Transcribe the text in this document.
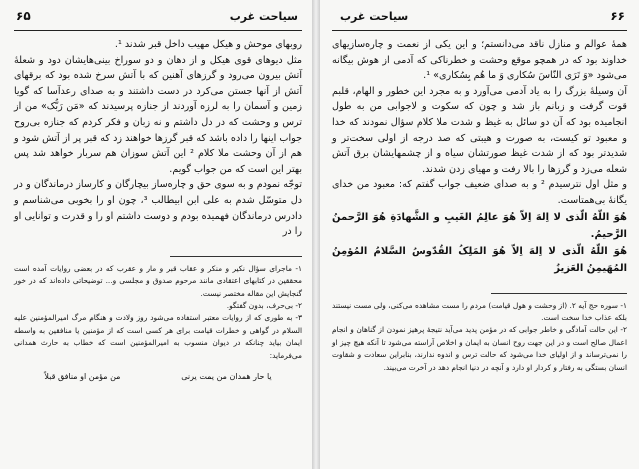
۶۵	سیاحت غرب

روبهای موحش و هیکل مهیب داخل قبر شدند ¹.

مثل دیوهای قوی هیکل و از دهان و دو سوراخ بینی‌هایشان دود و شعلهٔ آتش بیرون می‌رود و گرزهای آهنین که با آتش سرخ شده بود که برقهای آتش از آنها جستن می‌کرد در دست داشتند و به صدای رعدآسا که گویا زمین و آسمان را به لرزه آوردند از جنازه پرسیدند که «مَن رَبُّک» من از ترس و وحشت که در دل داشتم و نه زبان و فکر کردم که جنازه بی‌روح جواب اینها را داده باشد که قبر گرزها خواهند زد که قبر پر از آتش شود و هم از آن وحشت ملا کلام ² این آتش سوزان هم سربار خواهد شد پس بهتر این است که من جواب گویم.

توجّه نمودم و به سوی حق و چاره‌ساز بیچارگان و کارساز درماندگان و در دل متوسّل شدم به علی ابن ابیطالب ³، چون او را بخوبی می‌شناسم و دادرس درماندگان فهمیده بودم و دوست داشتم او را و قدرت و توانایی او را در

۱- ماجرای سؤال نکیر و منکر و عقاب قبر و مار و عقرب که در بعضی روایات آمده است محققین در کتابهای اعتقادی مانند مرحوم صدوق و مجلسی و... توضیحاتی داده‌اند که در خور گنجایش این مقاله مختصر نیست.

۲- بی‌حرف، بدون گفتگو.

۳- به طوری که از روایات معتبر استفاده می‌شود روز ولادت و هنگام مرگ امیرالمؤمنین علیه السلام در گواهی و خطرات قیامت برای هر کسی است که از مؤمنین یا منافقین به واسطه ایمان بیاید چنانکه در دیوان منسوب به امیرالمؤمنین است که خطاب به حارث همدانی می‌فرماید:

یا حار همدان من یمت یرنی
من مؤمن او منافق قبلاً
سیاحت غرب	۶۶

همهٔ عوالم و منازل ناقد می‌دانستم؛ و این یکی از نعمت و چاره‌سازیهای خداوند بود که در همچو موقع وحشت و خطرناکی که آدمی از هوش بیگانه می‌شود «وَ تَرَی النّاسَ سُکاری وَ ما هُم بِسُکاری» ¹.

آن وسیلهٔ بزرگ را به یاد آدمی می‌آورد و به مجرد این خطور و الهام، قلبم قوت گرفت و زبانم باز شد و چون که سکوت و لاجوابی من به طول انجامیده بود که آن دو سائل به غیظ و شدت ملا کلام سؤال نمودند که خدا و معبود تو کیست، به صورت و هیبتی که صد درجه از اولی سخت‌تر و شدیدتر بود که از شدت غیظ صورتشان سیاه و از چشمهایشان برق آتش شعله می‌زد و گرزها را بالا رفت و مهیای زدن شدند.

و مثل اول نترسیدم ² و به صدای ضعیف جواب گفتم که: معبود من خدای یگانهٔ بی‌همتاست.

هُوَ اللّهُ الّذی لا اِلهَ اِلاّ هُوَ عالِمُ الغَیبِ و الشَّهادَةِ هُوَ الرَّحمنُ الرَّحیمُ.

هُوَ اللّهُ الّذی لا اِلهَ اِلاّ هُوَ المَلِکُ القُدّوسُ السَّلامُ المُؤمِنُ المُهَیمِنُ العَزیزُ

۱- سوره حج آیه ۲. (از وحشت و هول قیامت) مردم را مست مشاهده می‌کنی، ولی مست نیستند بلکه عذاب خدا سخت است.

۲- این حالت آمادگی و خاطر جوابی که در مؤمن پدید می‌آید نتیجهٔ پرهیز نمودن از گناهان و انجام اعمال صالح است و در این جهت روح انسان به ایمان و اخلاص آراسته می‌شود تا آنکه هیچ چیز او را نمی‌ترساند و از اولیای خدا می‌شود که حالت ترس و اندوه ندارند، بنابراین سعادت و شقاوت انسان بستگی به رفتار و کردار او دارد و آنچه در دنیا انجام دهد در آخرت می‌بیند.
